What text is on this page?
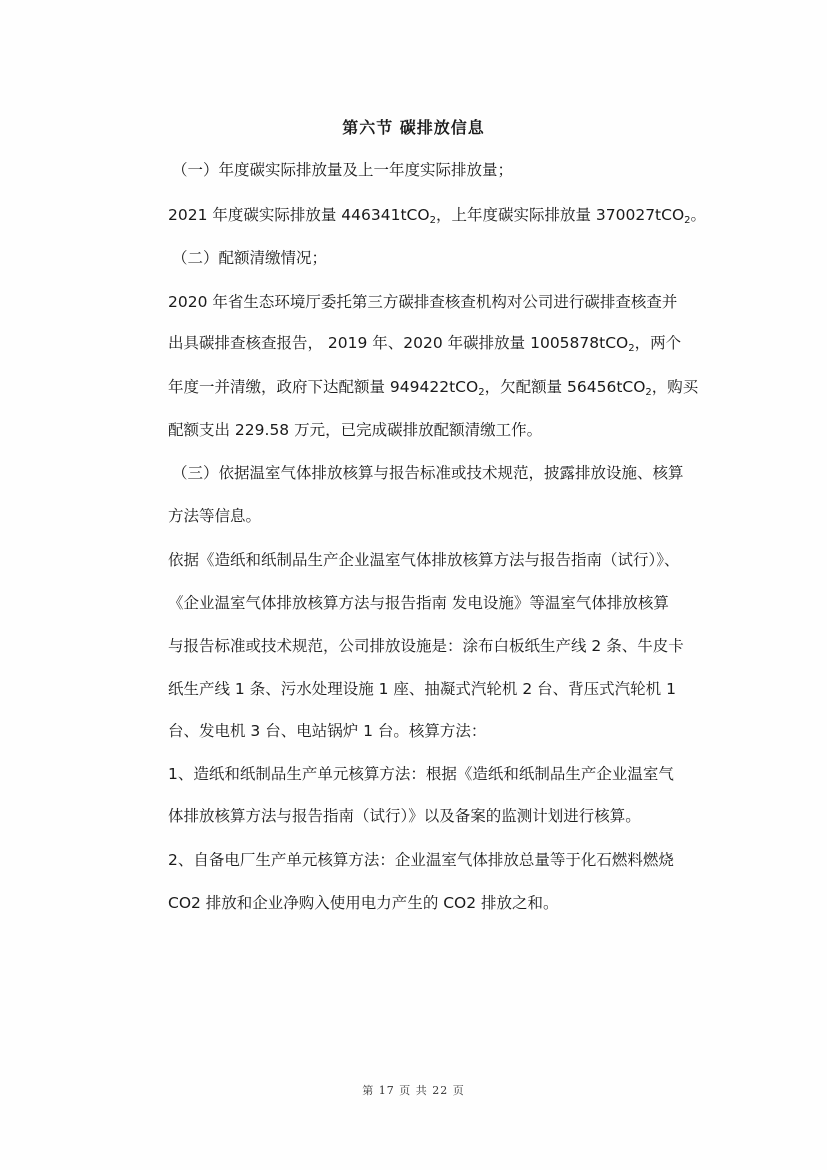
第六节 碳排放信息
（一）年度碳实际排放量及上一年度实际排放量；
2021 年度碳实际排放量 446341tCO$_2$，上年度碳实际排放量 370027tCO$_2$。
（二）配额清缴情况；
2020 年省生态环境厅委托第三方碳排查核查机构对公司进行碳排查核查并
出具碳排查核查报告， 2019 年、2020 年碳排放量 1005878tCO$_2$，两个
年度一并清缴，政府下达配额量 949422tCO$_2$，欠配额量 56456tCO$_2$，购买
配额支出 229.58 万元，已完成碳排放配额清缴工作。
（三）依据温室气体排放核算与报告标准或技术规范，披露排放设施、核算
方法等信息。
依据《造纸和纸制品生产企业温室气体排放核算方法与报告指南（试行）》、
《企业温室气体排放核算方法与报告指南 发电设施》等温室气体排放核算
与报告标准或技术规范，公司排放设施是：涂布白板纸生产线 2 条、牛皮卡
纸生产线 1 条、污水处理设施 1 座、抽凝式汽轮机 2 台、背压式汽轮机 1
台、发电机 3 台、电站锅炉 1 台。核算方法：
1、造纸和纸制品生产单元核算方法：根据《造纸和纸制品生产企业温室气
体排放核算方法与报告指南（试行）》以及备案的监测计划进行核算。
2、自备电厂生产单元核算方法：企业温室气体排放总量等于化石燃料燃烧
CO2 排放和企业净购入使用电力产生的 CO2 排放之和。
第 17 页 共 22 页
